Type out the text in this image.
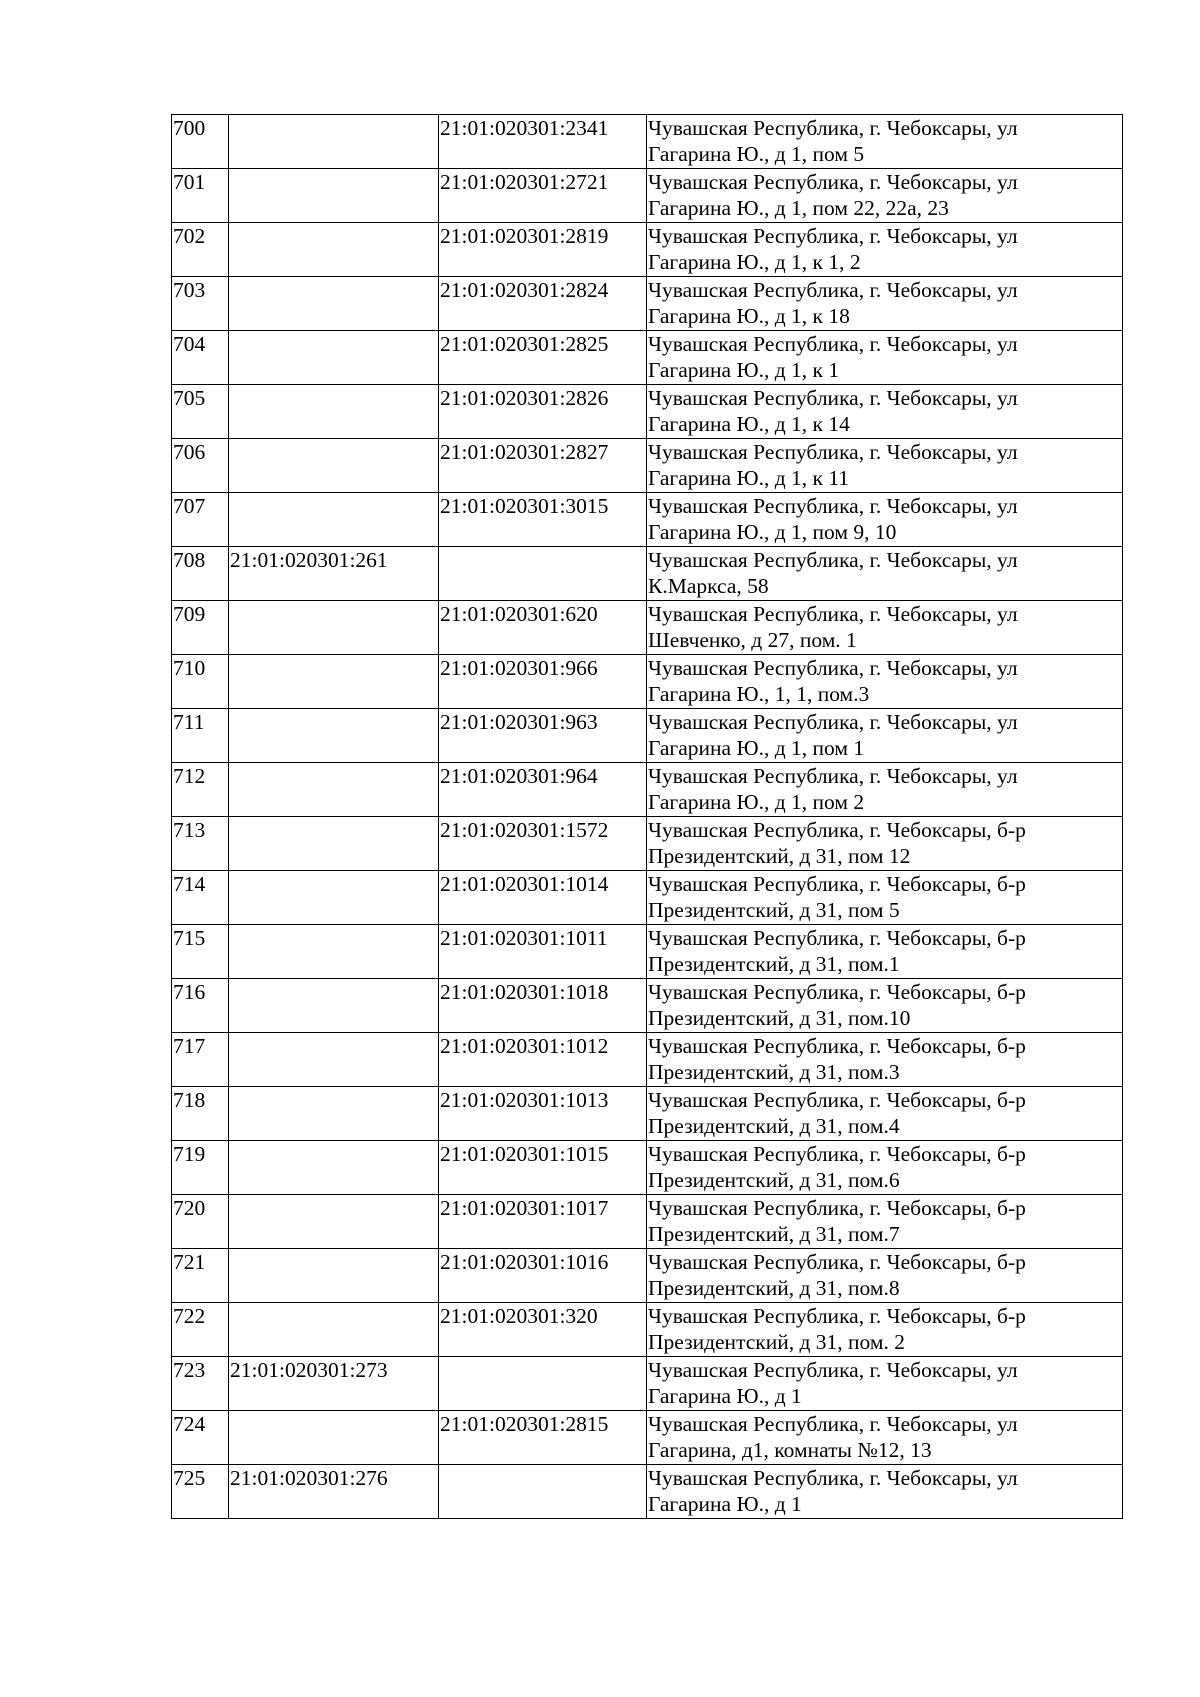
700		21:01:020301:2341	Чувашская Республика, г. Чебоксары, ул
Гагарина Ю., д 1, пом 5

701		21:01:020301:2721	Чувашская Республика, г. Чебоксары, ул
Гагарина Ю., д 1, пом 22, 22а, 23

702		21:01:020301:2819	Чувашская Республика, г. Чебоксары, ул
Гагарина Ю., д 1, к 1, 2

703		21:01:020301:2824	Чувашская Республика, г. Чебоксары, ул
Гагарина Ю., д 1, к 18

704		21:01:020301:2825	Чувашская Республика, г. Чебоксары, ул
Гагарина Ю., д 1, к 1

705		21:01:020301:2826	Чувашская Республика, г. Чебоксары, ул
Гагарина Ю., д 1, к 14

706		21:01:020301:2827	Чувашская Республика, г. Чебоксары, ул
Гагарина Ю., д 1, к 11

707		21:01:020301:3015	Чувашская Республика, г. Чебоксары, ул
Гагарина Ю., д 1, пом 9, 10

708	21:01:020301:261		Чувашская Республика, г. Чебоксары, ул
К.Маркса, 58

709		21:01:020301:620	Чувашская Республика, г. Чебоксары, ул
Шевченко, д 27, пом. 1

710		21:01:020301:966	Чувашская Республика, г. Чебоксары, ул
Гагарина Ю., 1, 1, пом.3

711		21:01:020301:963	Чувашская Республика, г. Чебоксары, ул
Гагарина Ю., д 1, пом 1

712		21:01:020301:964	Чувашская Республика, г. Чебоксары, ул
Гагарина Ю., д 1, пом 2

713		21:01:020301:1572	Чувашская Республика, г. Чебоксары, б-р
Президентский, д 31, пом 12

714		21:01:020301:1014	Чувашская Республика, г. Чебоксары, б-р
Президентский, д 31, пом 5

715		21:01:020301:1011	Чувашская Республика, г. Чебоксары, б-р
Президентский, д 31, пом.1

716		21:01:020301:1018	Чувашская Республика, г. Чебоксары, б-р
Президентский, д 31, пом.10

717		21:01:020301:1012	Чувашская Республика, г. Чебоксары, б-р
Президентский, д 31, пом.3

718		21:01:020301:1013	Чувашская Республика, г. Чебоксары, б-р
Президентский, д 31, пом.4

719		21:01:020301:1015	Чувашская Республика, г. Чебоксары, б-р
Президентский, д 31, пом.6

720		21:01:020301:1017	Чувашская Республика, г. Чебоксары, б-р
Президентский, д 31, пом.7

721		21:01:020301:1016	Чувашская Республика, г. Чебоксары, б-р
Президентский, д 31, пом.8

722		21:01:020301:320	Чувашская Республика, г. Чебоксары, б-р
Президентский, д 31, пом. 2

723	21:01:020301:273		Чувашская Республика, г. Чебоксары, ул
Гагарина Ю., д 1

724		21:01:020301:2815	Чувашская Республика, г. Чебоксары, ул
Гагарина, д1, комнаты №12, 13

725	21:01:020301:276		Чувашская Республика, г. Чебоксары, ул
Гагарина Ю., д 1
